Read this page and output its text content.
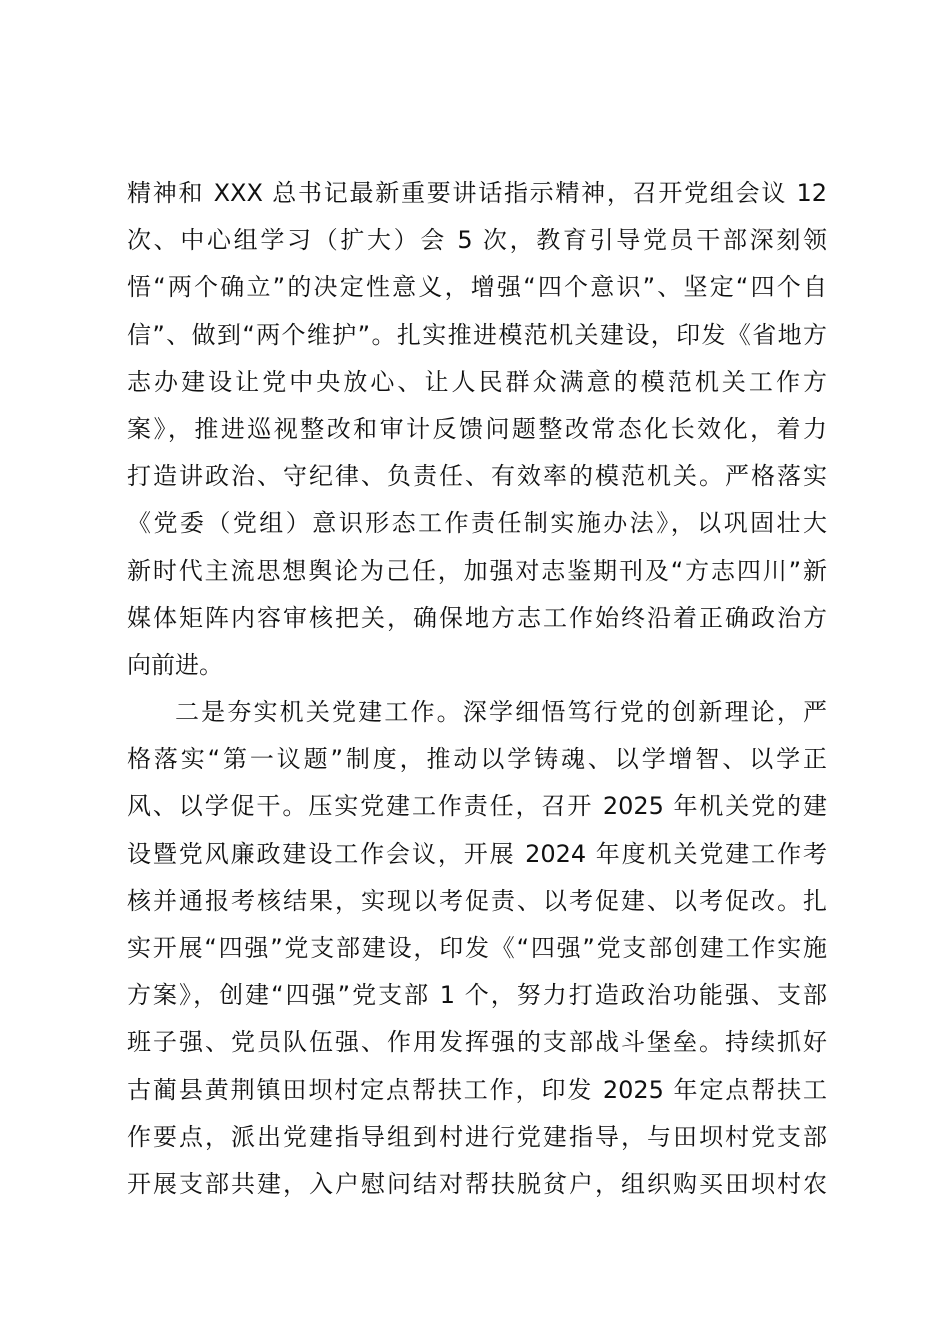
精神和 XXX 总书记最新重要讲话指示精神，召开党组会议 12
次、中心组学习（扩大）会 5 次，教育引导党员干部深刻领
悟“两个确立”的决定性意义，增强“四个意识”、坚定“四个自
信”、做到“两个维护”。扎实推进模范机关建设，印发《省地方
志办建设让党中央放心、让人民群众满意的模范机关工作方
案》，推进巡视整改和审计反馈问题整改常态化长效化，着力
打造讲政治、守纪律、负责任、有效率的模范机关。严格落实
《党委（党组）意识形态工作责任制实施办法》，以巩固壮大
新时代主流思想舆论为己任，加强对志鉴期刊及“方志四川”新
媒体矩阵内容审核把关，确保地方志工作始终沿着正确政治方
向前进。
二是夯实机关党建工作。深学细悟笃行党的创新理论，严
格落实“第一议题”制度，推动以学铸魂、以学增智、以学正
风、以学促干。压实党建工作责任，召开 2025 年机关党的建
设暨党风廉政建设工作会议，开展 2024 年度机关党建工作考
核并通报考核结果，实现以考促责、以考促建、以考促改。扎
实开展“四强”党支部建设，印发《“四强”党支部创建工作实施
方案》，创建“四强”党支部 1 个，努力打造政治功能强、支部
班子强、党员队伍强、作用发挥强的支部战斗堡垒。持续抓好
古蔺县黄荆镇田坝村定点帮扶工作，印发 2025 年定点帮扶工
作要点，派出党建指导组到村进行党建指导，与田坝村党支部
开展支部共建，入户慰问结对帮扶脱贫户，组织购买田坝村农
